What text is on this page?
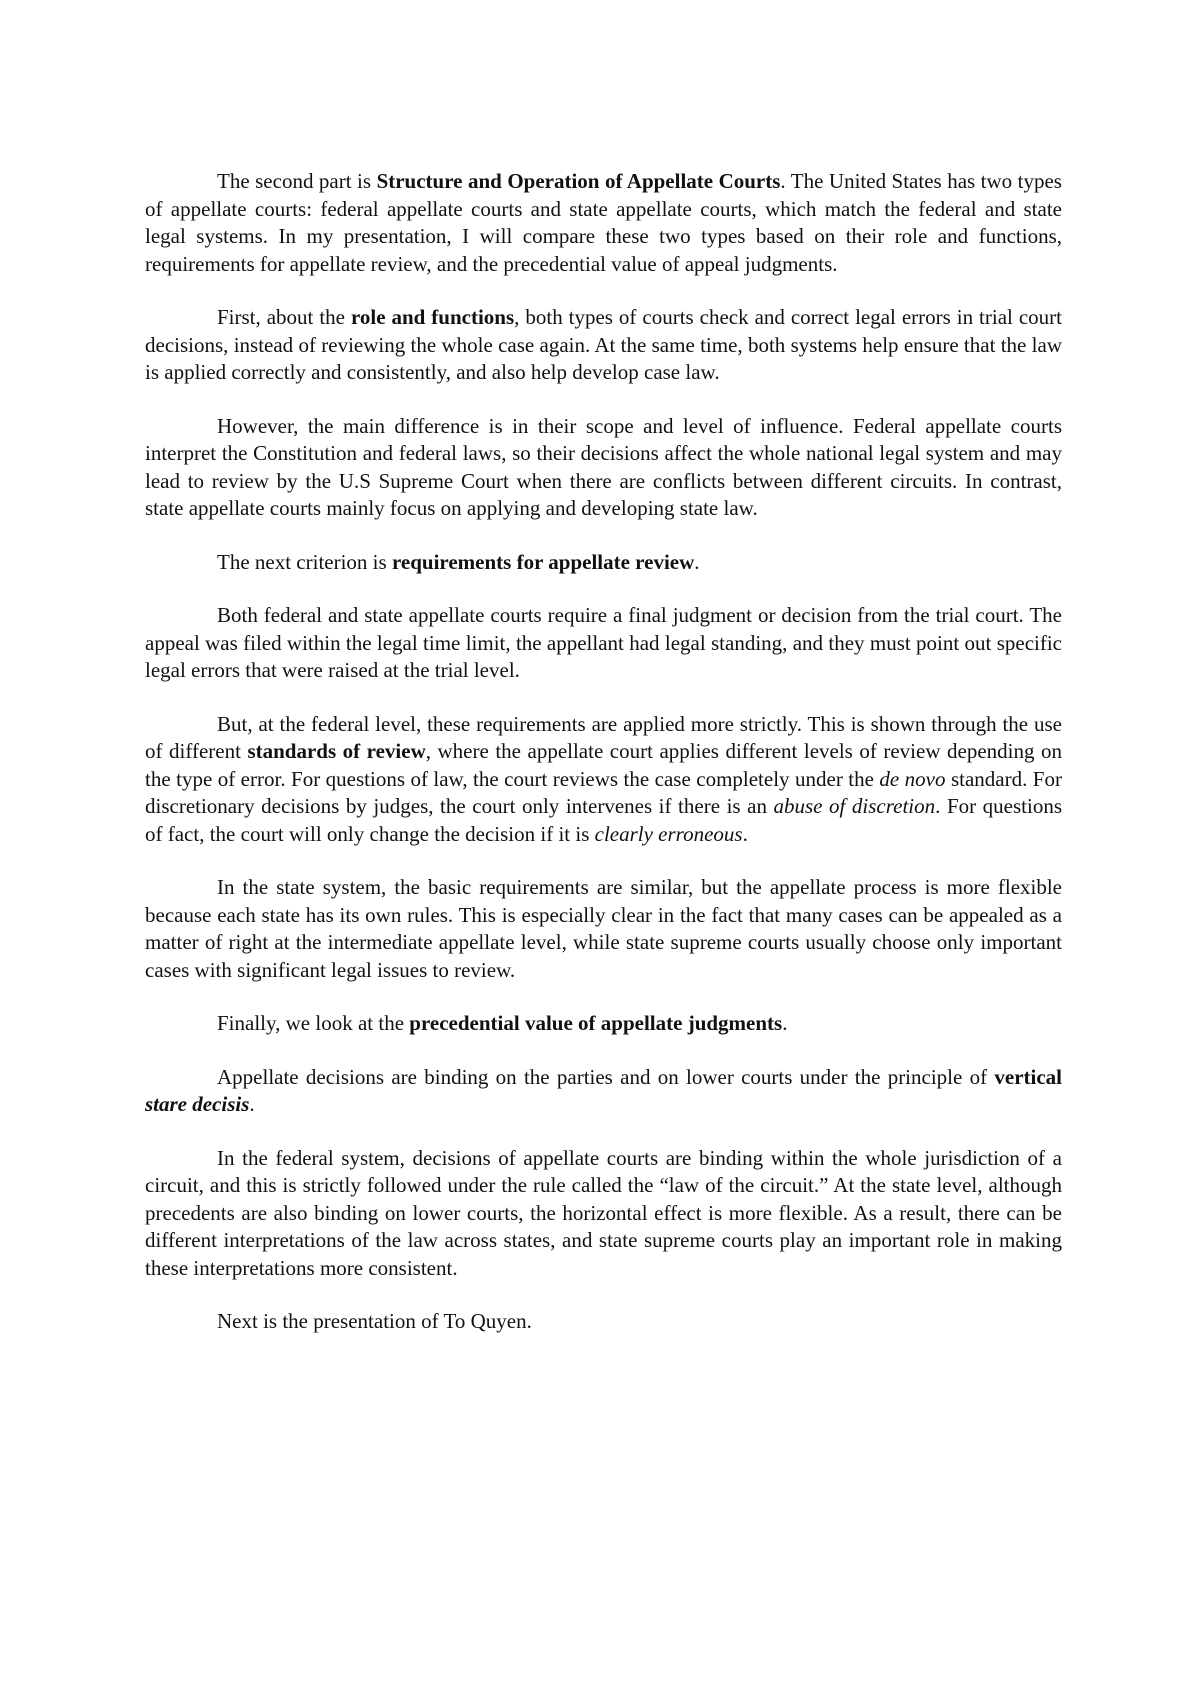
The second part is Structure and Operation of Appellate Courts. The United States has two types of appellate courts: federal appellate courts and state appellate courts, which match the federal and state legal systems. In my presentation, I will compare these two types based on their role and functions, requirements for appellate review, and the precedential value of appeal judgments.

First, about the role and functions, both types of courts check and correct legal errors in trial court decisions, instead of reviewing the whole case again. At the same time, both systems help ensure that the law is applied correctly and consistently, and also help develop case law.

However, the main difference is in their scope and level of influence. Federal appellate courts interpret the Constitution and federal laws, so their decisions affect the whole national legal system and may lead to review by the U.S Supreme Court when there are conflicts between different circuits. In contrast, state appellate courts mainly focus on applying and developing state law.

The next criterion is requirements for appellate review.

Both federal and state appellate courts require a final judgment or decision from the trial court. The appeal was filed within the legal time limit, the appellant had legal standing, and they must point out specific legal errors that were raised at the trial level.

But, at the federal level, these requirements are applied more strictly. This is shown through the use of different standards of review, where the appellate court applies different levels of review depending on the type of error. For questions of law, the court reviews the case completely under the de novo standard. For discretionary decisions by judges, the court only intervenes if there is an abuse of discretion. For questions of fact, the court will only change the decision if it is clearly erroneous.

In the state system, the basic requirements are similar, but the appellate process is more flexible because each state has its own rules. This is especially clear in the fact that many cases can be appealed as a matter of right at the intermediate appellate level, while state supreme courts usually choose only important cases with significant legal issues to review.

Finally, we look at the precedential value of appellate judgments.

Appellate decisions are binding on the parties and on lower courts under the principle of vertical stare decisis.

In the federal system, decisions of appellate courts are binding within the whole jurisdiction of a circuit, and this is strictly followed under the rule called the “law of the circuit.” At the state level, although precedents are also binding on lower courts, the horizontal effect is more flexible. As a result, there can be different interpretations of the law across states, and state supreme courts play an important role in making these interpretations more consistent.

Next is the presentation of To Quyen.
